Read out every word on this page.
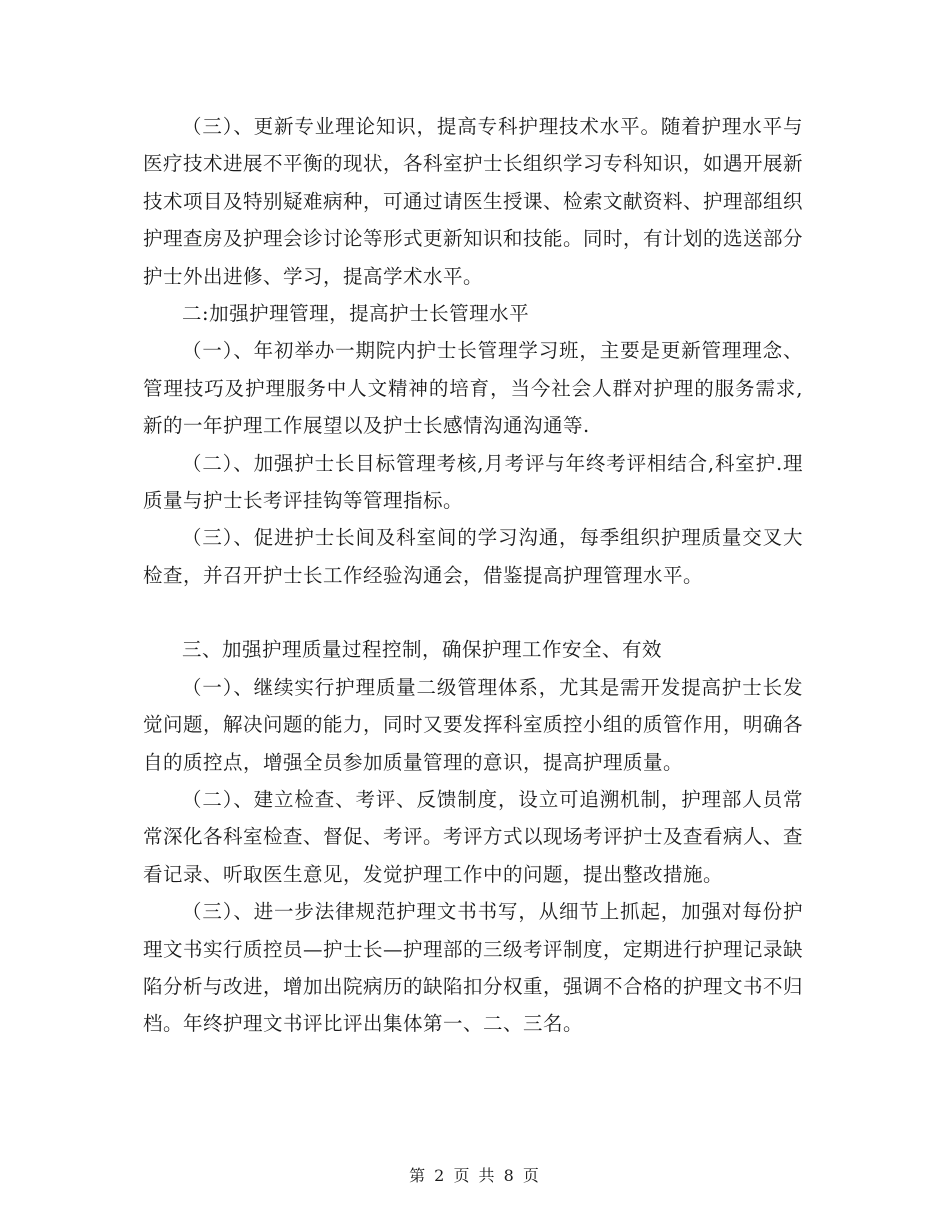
（三）、更新专业理论知识，提高专科护理技术水平。随着护理水平与医疗技术进展不平衡的现状，各科室护士长组织学习专科知识，如遇开展新技术项目及特别疑难病种，可通过请医生授课、检索文献资料、护理部组织护理查房及护理会诊讨论等形式更新知识和技能。同时，有计划的选送部分护士外出进修、学习，提高学术水平。

二:加强护理管理，提高护士长管理水平

（一）、年初举办一期院内护士长管理学习班，主要是更新管理理念、管理技巧及护理服务中人文精神的培育，当今社会人群对护理的服务需求,新的一年护理工作展望以及护士长感情沟通沟通等.

（二）、加强护士长目标管理考核,月考评与年终考评相结合,科室护.理质量与护士长考评挂钩等管理指标。

（三）、促进护士长间及科室间的学习沟通，每季组织护理质量交叉大检查，并召开护士长工作经验沟通会，借鉴提高护理管理水平。

三、加强护理质量过程控制，确保护理工作安全、有效

（一）、继续实行护理质量二级管理体系，尤其是需开发提高护士长发觉问题，解决问题的能力，同时又要发挥科室质控小组的质管作用，明确各自的质控点，增强全员参加质量管理的意识，提高护理质量。

（二）、建立检查、考评、反馈制度，设立可追溯机制，护理部人员常常深化各科室检查、督促、考评。考评方式以现场考评护士及查看病人、查看记录、听取医生意见，发觉护理工作中的问题，提出整改措施。

（三）、进一步法律规范护理文书书写，从细节上抓起，加强对每份护理文书实行质控员—护士长—护理部的三级考评制度，定期进行护理记录缺陷分析与改进，增加出院病历的缺陷扣分权重，强调不合格的护理文书不归档。年终护理文书评比评出集体第一、二、三名。

第 2 页 共 8 页
